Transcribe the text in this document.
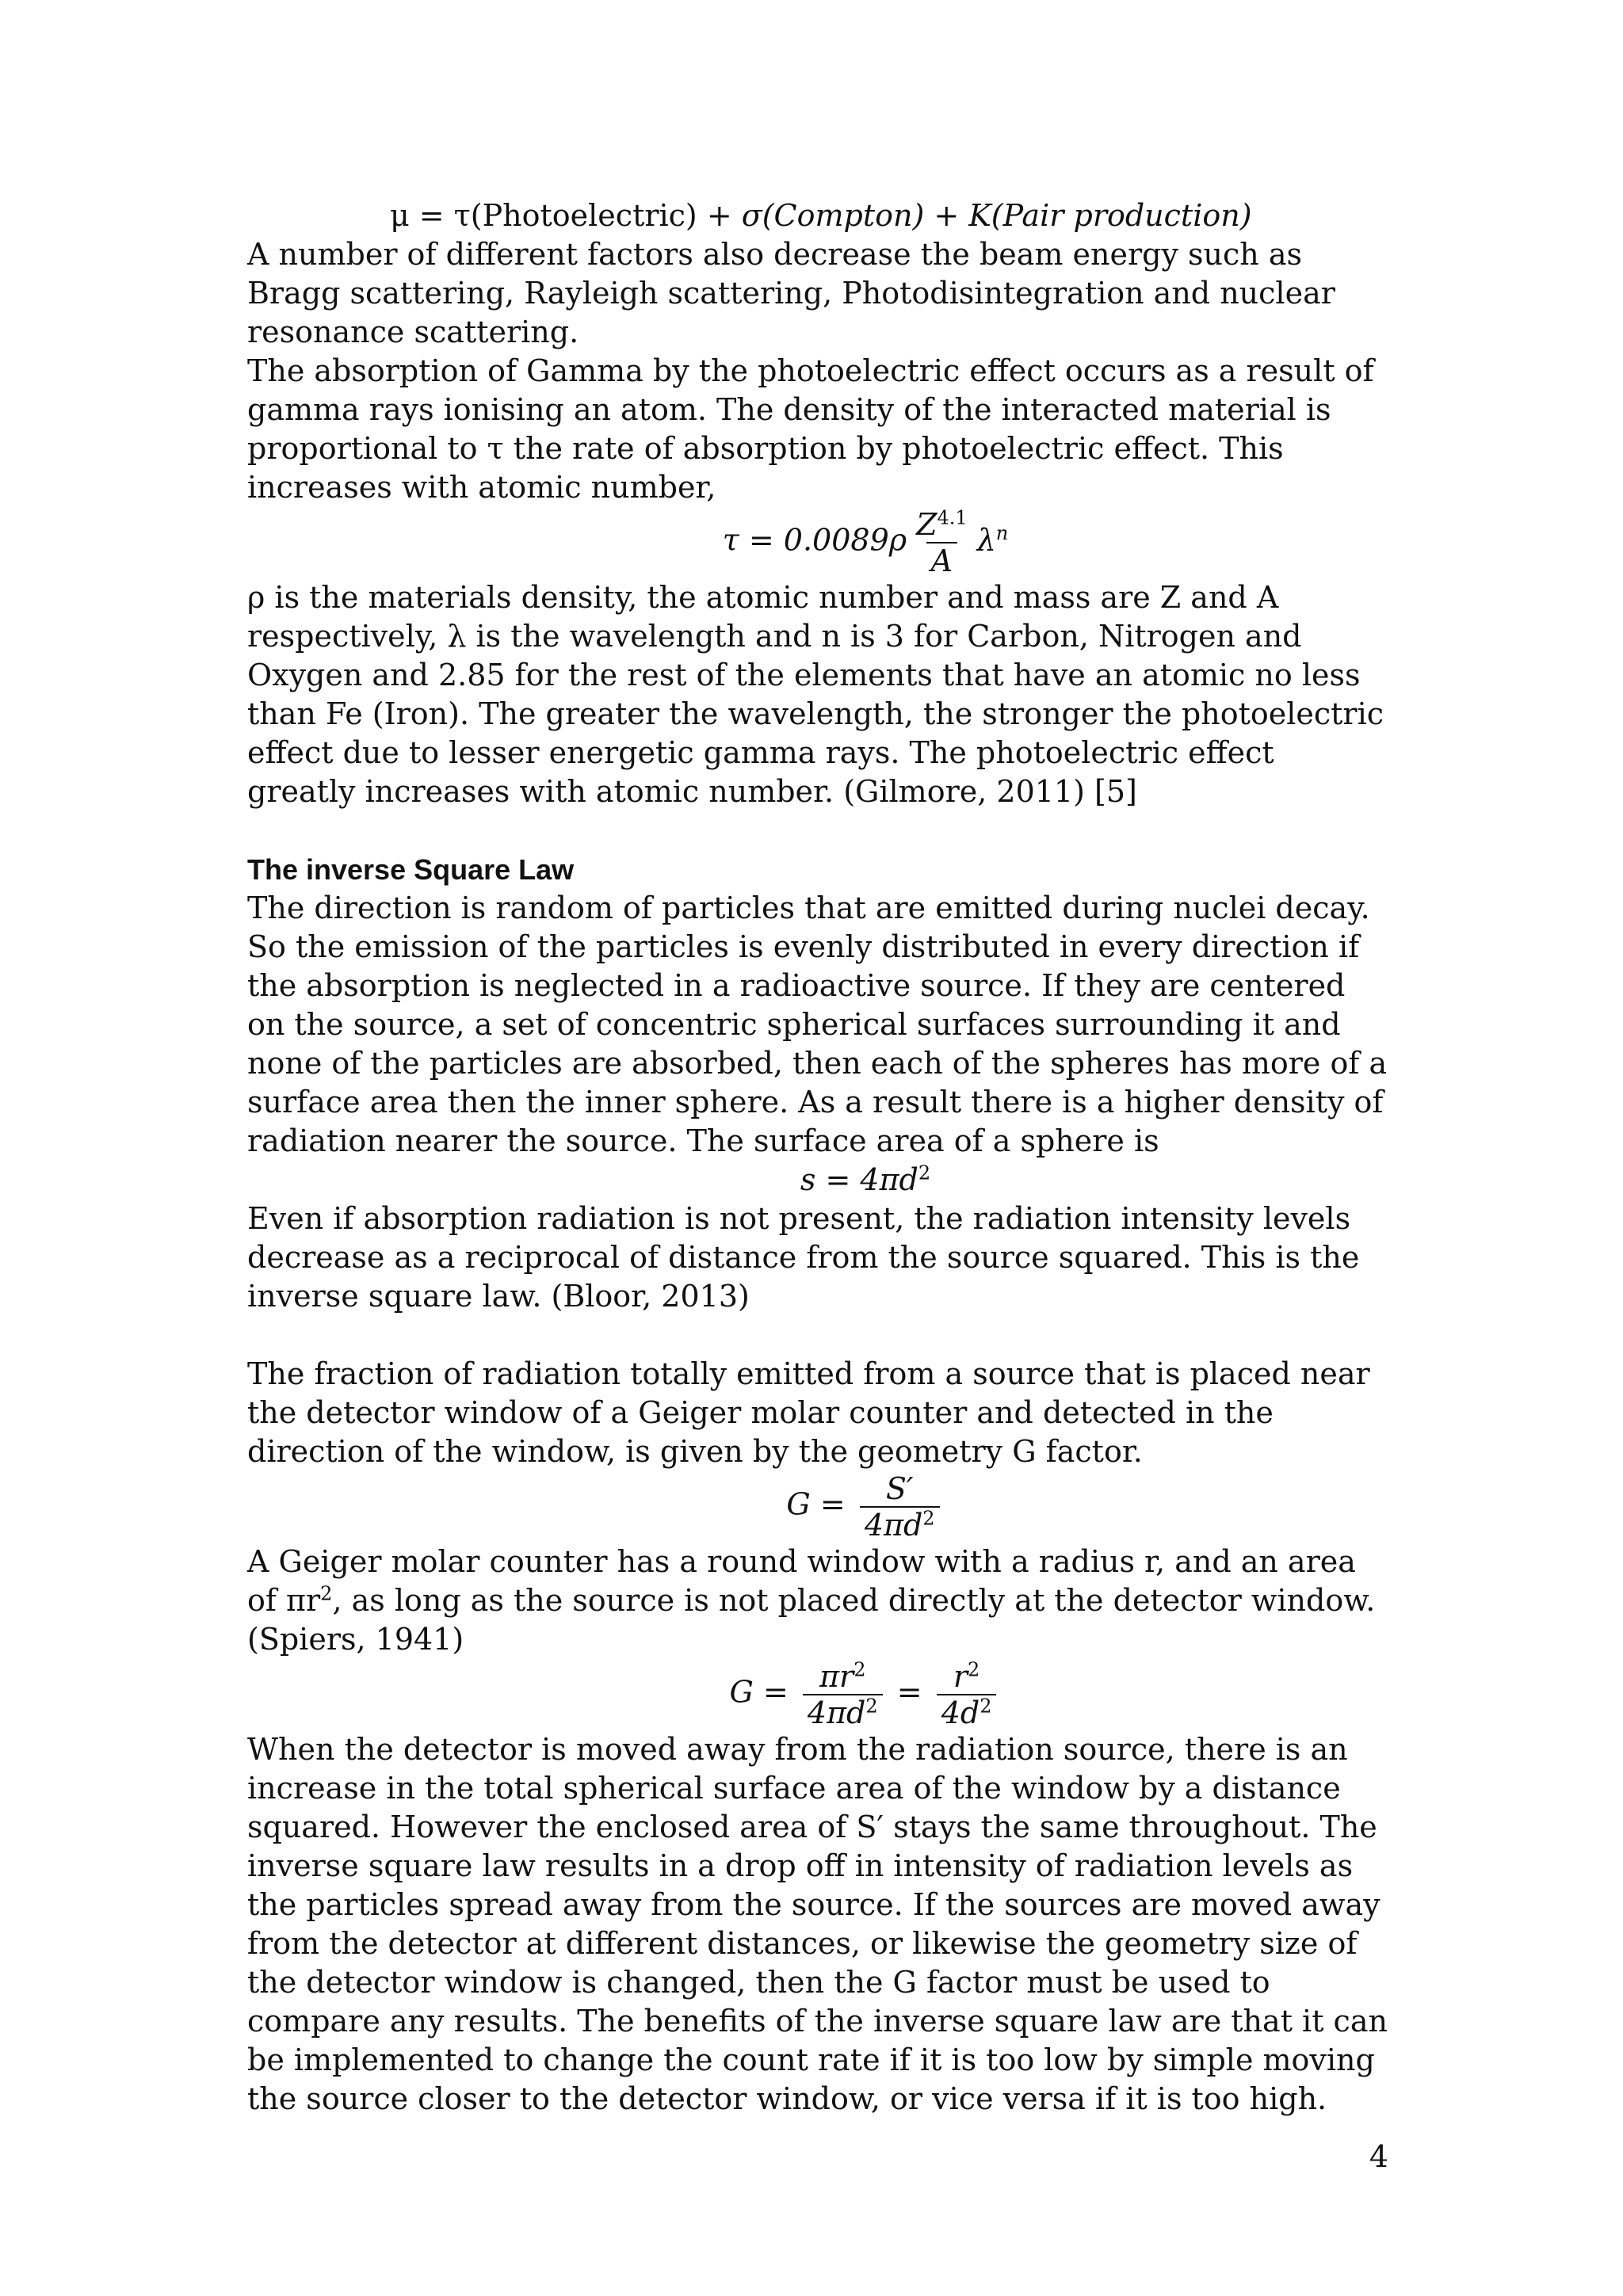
μ = τ(Photoelectric) + σ(Compton) + K(Pair production)

A number of different factors also decrease the beam energy such as Bragg scattering, Rayleigh scattering, Photodisintegration and nuclear resonance scattering.

The absorption of Gamma by the photoelectric effect occurs as a result of gamma rays ionising an atom. The density of the interacted material is proportional to τ the rate of absorption by photoelectric effect. This increases with atomic number,

$\tau = 0.0089\rho \frac{Z^{4.1}}{A} \lambda^n$

ρ is the materials density, the atomic number and mass are Z and A respectively, λ is the wavelength and n is 3 for Carbon, Nitrogen and Oxygen and 2.85 for the rest of the elements that have an atomic no less than Fe (Iron). The greater the wavelength, the stronger the photoelectric effect due to lesser energetic gamma rays. The photoelectric effect greatly increases with atomic number. (Gilmore, 2011) [5]

The inverse Square Law

The direction is random of particles that are emitted during nuclei decay. So the emission of the particles is evenly distributed in every direction if the absorption is neglected in a radioactive source. If they are centered on the source, a set of concentric spherical surfaces surrounding it and none of the particles are absorbed, then each of the spheres has more of a surface area then the inner sphere. As a result there is a higher density of radiation nearer the source. The surface area of a sphere is

$s = 4\pi d^2$

Even if absorption radiation is not present, the radiation intensity levels decrease as a reciprocal of distance from the source squared. This is the inverse square law. (Bloor, 2013)

The fraction of radiation totally emitted from a source that is placed near the detector window of a Geiger molar counter and detected in the direction of the window, is given by the geometry G factor.

$G = \frac{S'}{4\pi d^2}$

A Geiger molar counter has a round window with a radius r, and an area of $\pi r^2$, as long as the source is not placed directly at the detector window. (Spiers, 1941)

$G = \frac{\pi r^2}{4\pi d^2} = \frac{r^2}{4d^2}$

When the detector is moved away from the radiation source, there is an increase in the total spherical surface area of the window by a distance squared. However the enclosed area of S′ stays the same throughout. The inverse square law results in a drop off in intensity of radiation levels as the particles spread away from the source. If the sources are moved away from the detector at different distances, or likewise the geometry size of the detector window is changed, then the G factor must be used to compare any results. The benefits of the inverse square law are that it can be implemented to change the count rate if it is too low by simple moving the source closer to the detector window, or vice versa if it is too high.

4
